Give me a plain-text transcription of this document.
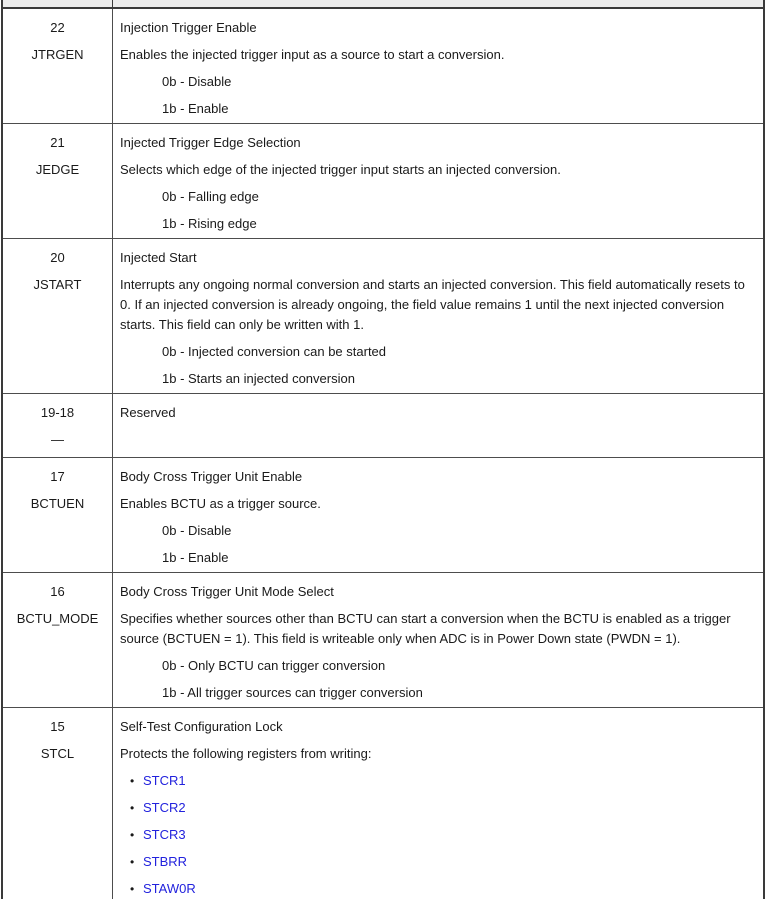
22
JTRGEN
Injection Trigger Enable
Enables the injected trigger input as a source to start a conversion.
0b - Disable
1b - Enable
21
JEDGE
Injected Trigger Edge Selection
Selects which edge of the injected trigger input starts an injected conversion.
0b - Falling edge
1b - Rising edge
20
JSTART
Injected Start
Interrupts any ongoing normal conversion and starts an injected conversion. This field automatically resets to 0. If an injected conversion is already ongoing, the field value remains 1 until the next injected conversion starts. This field can only be written with 1.
0b - Injected conversion can be started
1b - Starts an injected conversion
19-18
—
Reserved
17
BCTUEN
Body Cross Trigger Unit Enable
Enables BCTU as a trigger source.
0b - Disable
1b - Enable
16
BCTU_MODE
Body Cross Trigger Unit Mode Select
Specifies whether sources other than BCTU can start a conversion when the BCTU is enabled as a trigger source (BCTUEN = 1). This field is writeable only when ADC is in Power Down state (PWDN = 1).
0b - Only BCTU can trigger conversion
1b - All trigger sources can trigger conversion
15
STCL
Self-Test Configuration Lock
Protects the following registers from writing:
• STCR1
• STCR2
• STCR3
• STBRR
• STAW0R
